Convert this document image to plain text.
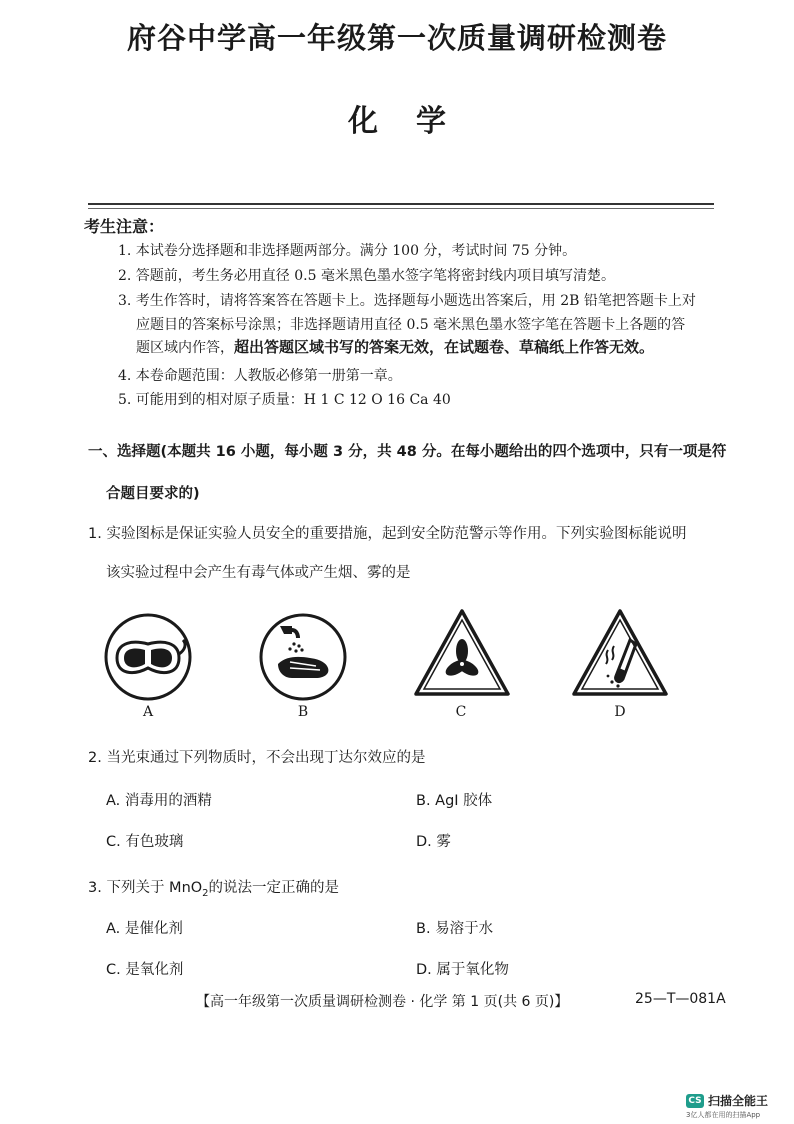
府谷中学高一年级第一次质量调研检测卷
化学
考生注意：
1. 本试卷分选择题和非选择题两部分。满分 100 分，考试时间 75 分钟。
2. 答题前，考生务必用直径 0.5 毫米黑色墨水签字笔将密封线内项目填写清楚。
3. 考生作答时，请将答案答在答题卡上。选择题每小题选出答案后，用 2B 铅笔把答题卡上对
应题目的答案标号涂黑；非选择题请用直径 0.5 毫米黑色墨水签字笔在答题卡上各题的答
题区域内作答，超出答题区域书写的答案无效，在试题卷、草稿纸上作答无效。
4. 本卷命题范围：人教版必修第一册第一章。
5. 可能用到的相对原子质量：H 1 C 12 O 16 Ca 40
一、选择题(本题共 16 小题，每小题 3 分，共 48 分。在每小题给出的四个选项中，只有一项是符
合题目要求的)
1. 实验图标是保证实验人员安全的重要措施，起到安全防范警示等作用。下列实验图标能说明
该实验过程中会产生有毒气体或产生烟、雾的是
A	B	C	D
2. 当光束通过下列物质时，不会出现丁达尔效应的是
A. 消毒用的酒精	B. AgI 胶体
C. 有色玻璃	D. 雾
3. 下列关于 MnO$_2$的说法一定正确的是
A. 是催化剂	B. 易溶于水
C. 是氧化剂	D. 属于氧化物
【高一年级第一次质量调研检测卷 · 化学 第 1 页(共 6 页)】	25—T—081A
CS 扫描全能王
3亿人都在用的扫描App
